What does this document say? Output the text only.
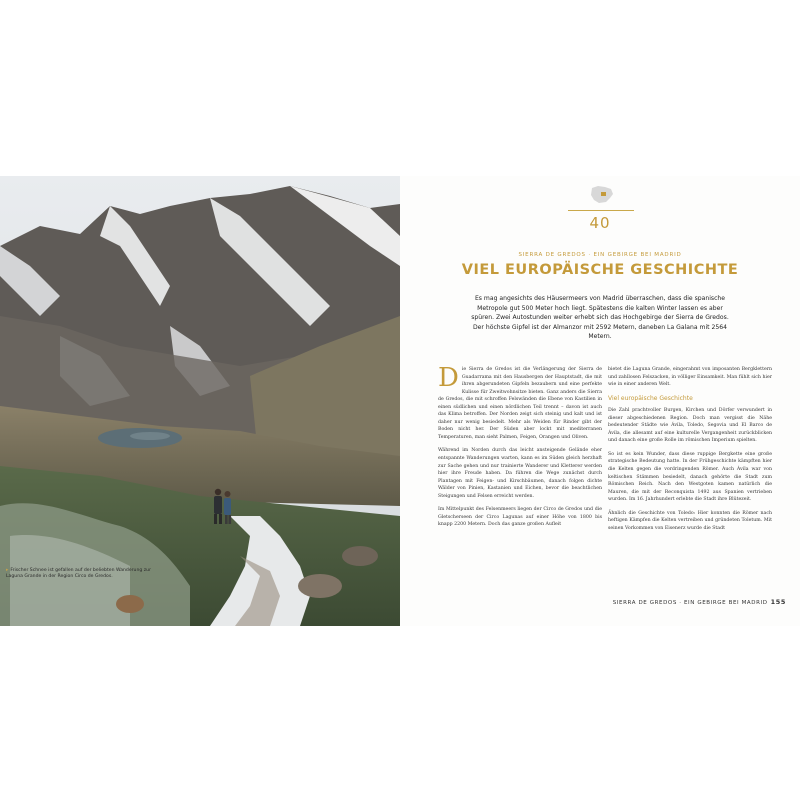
▸ Frischer Schnee ist gefallen auf der beliebten Wanderung zur Laguna Grande in der Region Circo de Gredos.
40
SIERRA DE GREDOS · EIN GEBIRGE BEI MADRID
VIEL EUROPÄISCHE GESCHICHTE
Es mag angesichts des Häusermeers von Madrid überraschen, dass die spanische Metropole gut 500 Meter hoch liegt. Spätestens die kalten Winter lassen es aber spüren. Zwei Autostunden weiter erhebt sich das Hochgebirge der Sierra de Gredos. Der höchste Gipfel ist der Almanzor mit 2592 Metern, daneben La Galana mit 2564 Metern.

Die Sierra de Gredos ist die Verlängerung der Sierra de Guadarrama mit den Hausbergen der Hauptstadt, die mit ihren abgerundeten Gipfeln bezaubern und eine perfekte Kulisse für Zweitwohnsitze bieten. Ganz anders die Sierra de Gredos, die mit schroffen Felswänden die Ebene von Kastilien in einen südlichen und einen nördlichen Teil trennt – davon ist auch das Klima betroffen. Der Norden zeigt sich steinig und kalt und ist daher nur wenig besiedelt. Mehr als Weiden für Rinder gibt der Boden nicht her. Der Süden aber lockt mit mediterranen Temperaturen, man sieht Palmen, Feigen, Orangen und Oliven.

Während im Norden durch das leicht ansteigende Gelände eher entspannte Wanderungen warten, kann es im Süden gleich herzhaft zur Sache gehen und nur trainierte Wanderer und Kletterer werden hier ihre Freude haben. Da führen die Wege zunächst durch Plantagen mit Feigen- und Kirschbäumen, danach folgen dichte Wälder von Pinien, Kastanien und Eichen, bevor die beachtlichen Steigungen und Felsen erreicht werden.

Im Mittelpunkt des Felsenmeers liegen der Circo de Gredos und die Gletscherseen der Circo Lagunas auf einer Höhe von 1800 bis knapp 2200 Metern. Doch das ganze großen Aufleit

bietet die Laguna Grande, eingerahmt von imposanten Bergklettern und zahllosen Felszacken, in völliger Einsamkeit. Man fühlt sich hier wie in einer anderen Welt.

Viel europäische Geschichte

Die Zahl prachtvoller Burgen, Kirchen und Dörfer verwundert in dieser abgeschiedenen Region. Doch man vergisst die Nähe bedeutender Städte wie Ávila, Toledo, Segovia und El Barco de Ávila, die allesamt auf eine kulturelle Vergangenheit zurückblicken und danach eine große Rolle im römischen Imperium spielten.

So ist es kein Wunder, dass diese ruppige Bergkette eine große strategische Bedeutung hatte. In der Frühgeschichte kämpften hier die Kelten gegen die vordringenden Römer. Auch Ávila war von keltischen Stämmen besiedelt, danach gehörte die Stadt zum Römischen Reich. Nach den Westgoten kamen natürlich die Mauren, die mit der Reconquista 1492 aus Spanien vertrieben wurden. Im 16. Jahrhundert erlebte die Stadt ihre Blütezeit.

Ähnlich die Geschichte von Toledo: Hier konnten die Römer nach heftigen Kämpfen die Kelten vertreiben und gründeten Toletum. Mit seinen Vorkommen von Eisenerz wurde die Stadt

SIERRA DE GREDOS · EIN GEBIRGE BEI MADRID 155
